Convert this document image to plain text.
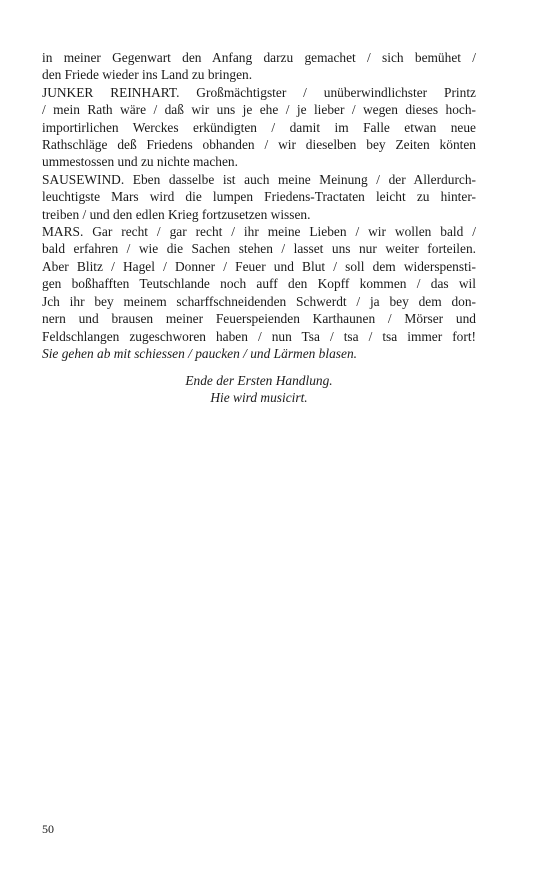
in meiner Gegenwart den Anfang darzu gemachet / sich bemühet /
den Friede wieder ins Land zu bringen.
JUNKER REINHART. Großmächtigster / unüberwindlichster Printz
/ mein Rath wäre / daß wir uns je ehe / je lieber / wegen dieses hoch-
importirlichen Werckes erkündigten / damit im Falle etwan neue
Rathschläge deß Friedens obhanden / wir dieselben bey Zeiten könten
ummestossen und zu nichte machen.
SAUSEWIND. Eben dasselbe ist auch meine Meinung / der Allerdurch-
leuchtigste Mars wird die lumpen Friedens-Tractaten leicht zu hinter-
treiben / und den edlen Krieg fortzusetzen wissen.
MARS. Gar recht / gar recht / ihr meine Lieben / wir wollen bald /
bald erfahren / wie die Sachen stehen / lasset uns nur weiter forteilen.
Aber Blitz / Hagel / Donner / Feuer und Blut / soll dem widerspensti-
gen boßhafften Teutschlande noch auff den Kopff kommen / das wil
Jch ihr bey meinem scharffschneidenden Schwerdt / ja bey dem don-
nern und brausen meiner Feuerspeienden Karthaunen / Mörser und
Feldschlangen zugeschworen haben / nun Tsa / tsa / tsa immer fort!
Sie gehen ab mit schiessen / paucken / und Lärmen blasen.
Ende der Ersten Handlung.
Hie wird musicirt.
50
